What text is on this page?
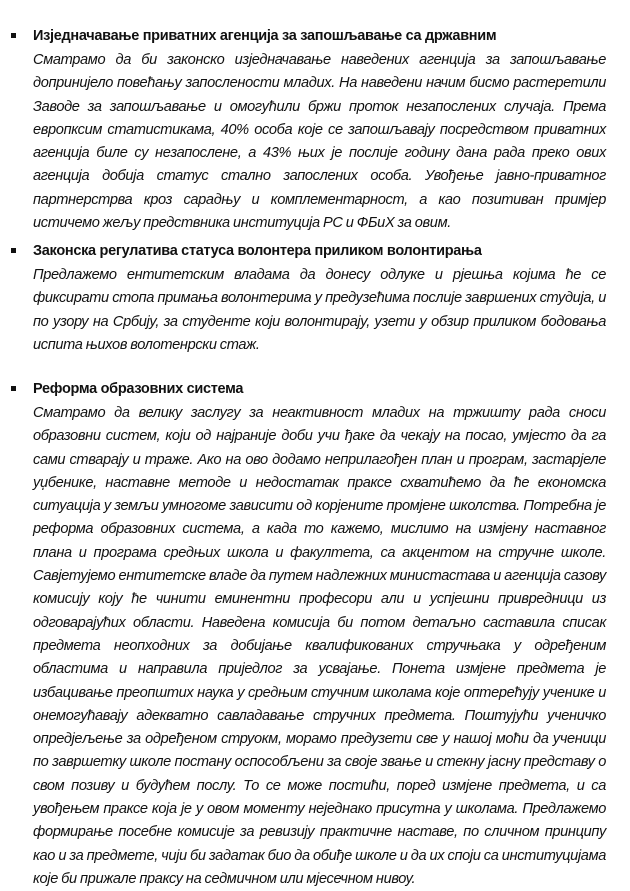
Изједначавање приватних агенција за запошљавање са државним
Сматрамо да би законско изједначавање наведених агенција за запошљавање допринијело повећању запослености младих. На наведени начим бисмо растеретили Заводе за запошљавање и омогућили бржи проток незапослених случаја. Према европксим статистикама, 40% особа које се запошљавају посредством приватних агенција биле су незапослене, а 43% њих је послије годину дана рада преко ових агенција добија статус стално запослених особа. Увођење јавно-приватног партнерстрва кроз сарадњу и комплементарност, а као позитиван примјер истичемо жељу предствника институција РС и ФБиХ за овим.
Законска регулатива статуса волонтера приликом волонтирања
Предлажемо ентитетским владама да донесу одлуке и рјешња којима ће се фиксирати стопа примања волонтерима у предузећима послије завршених студија, и по узору на Србију, за студенте који волонтирају, узети у обзир приликом бодовања испита њихов волотенрски стаж.
Реформа образовних система
Сматрамо да велику заслугу за неактивност младих на тржишту рада сноси образовни систем, који од најраније доби учи ђаке да чекају на посао, умјесто да га сами стварају и траже. Ако на ово додамо неприлагођен план и програм, застарјеле уџбенике, наставне методе и недостатак праксе схватићемо да ће економска ситуација у земљи умногоме зависити од корјените промјене школства. Потребна је реформа образовних система, а када то кажемо, мислимо на измјену наставног плана и програма средњих школа и факултета, са акцентом на стручне школе. Савјетујемо ентитетске владе да путем надлежних министастава и агенција сазову комисију коју ће чинити еминентни професори али и успјешни привредници из одговарајућих области. Наведена комисија би потом детаљно саставила списак предмета неопходних за добијање квалификованих стручњака у одређеним областима и направила приједлог за усвајање. Понета измјене предмета је избацивање преопштих наука у средњим стучним школама које оптерећују ученике и онемогућавају адекватно савладавање стручних предмета. Поштујући ученичко опредјељење за одређеном струокм, морамо предузети све у нашој моћи да ученици по завршетку школе постану оспособљени за своје звање и стекну јасну представу о свом позиву и будућем послу. То се може постићи, поред измјене предмета, и са увођењем праксе која је у овом моменту неједнако присутна у школама. Предлажемо формирање посебне комисије за ревизију практичне наставе, по сличном принципу као и за предмете, чији би задатак био да обиђе школе и да их споји са институцијама које би прижале праксу на седмичном или мјесечном нивоу.
